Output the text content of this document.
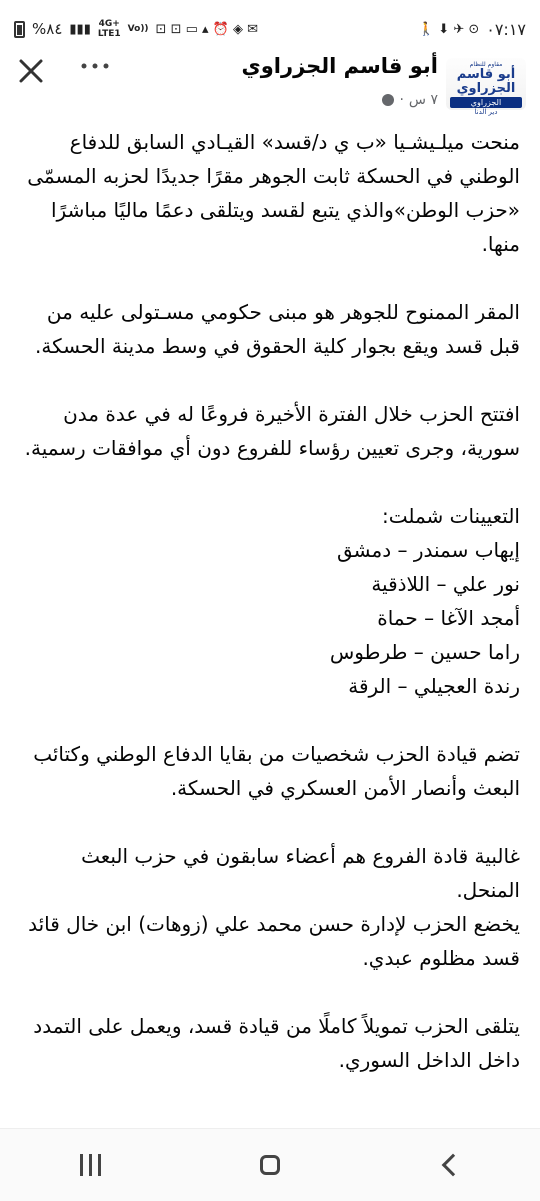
%٨٤ ▮▮▮ 4G+
LTE1 Vo)) ⊡ ⊡ ▭ ▴ ⏰ ◈ ✉	🚶 ⬇ ✈ ⊙ ٠٧:١٧
أبو قاسم الجزراوي
٧ س
·
مقاوم للنظام
أبو قاسم الجزراوي
الجزراوي
دير الدنا

منحت ميلـيشـيا «ب ي د/قسد» القيـادي السابق للدفاع الوطني في الحسكة ثابت الجوهر مقرًا جديدًا لحزبه المسمّى «حزب الوطن»والذي يتبع لقسد ويتلقى دعمًا ماليًا مباشرًا منها.

المقر الممنوح للجوهر هو مبنى حكومي مسـتولى عليه من قبل قسد ويقع بجوار كلية الحقوق في وسط مدينة الحسكة.

افتتح الحزب خلال الفترة الأخيرة فروعًا له في عدة مدن سورية، وجرى تعيين رؤساء للفروع دون أي موافقات رسمية.

التعيينات شملت:

إيهاب سمندر – دمشق

نور علي – اللاذقية

أمجد الآغا – حماة

راما حسين – طرطوس

رندة العجيلي – الرقة

تضم قيادة الحزب شخصيات من بقايا الدفاع الوطني وكتائب البعث وأنصار الأمن العسكري في الحسكة.

غالبية قادة الفروع هم أعضاء سابقون في حزب البعث المنحل.

يخضع الحزب لإدارة حسن محمد علي (زوهات) ابن خال قائد قسد مظلوم عبدي.

يتلقى الحزب تمويلاً كاملًا من قيادة قسد، ويعمل على التمدد داخل الداخل السوري.
